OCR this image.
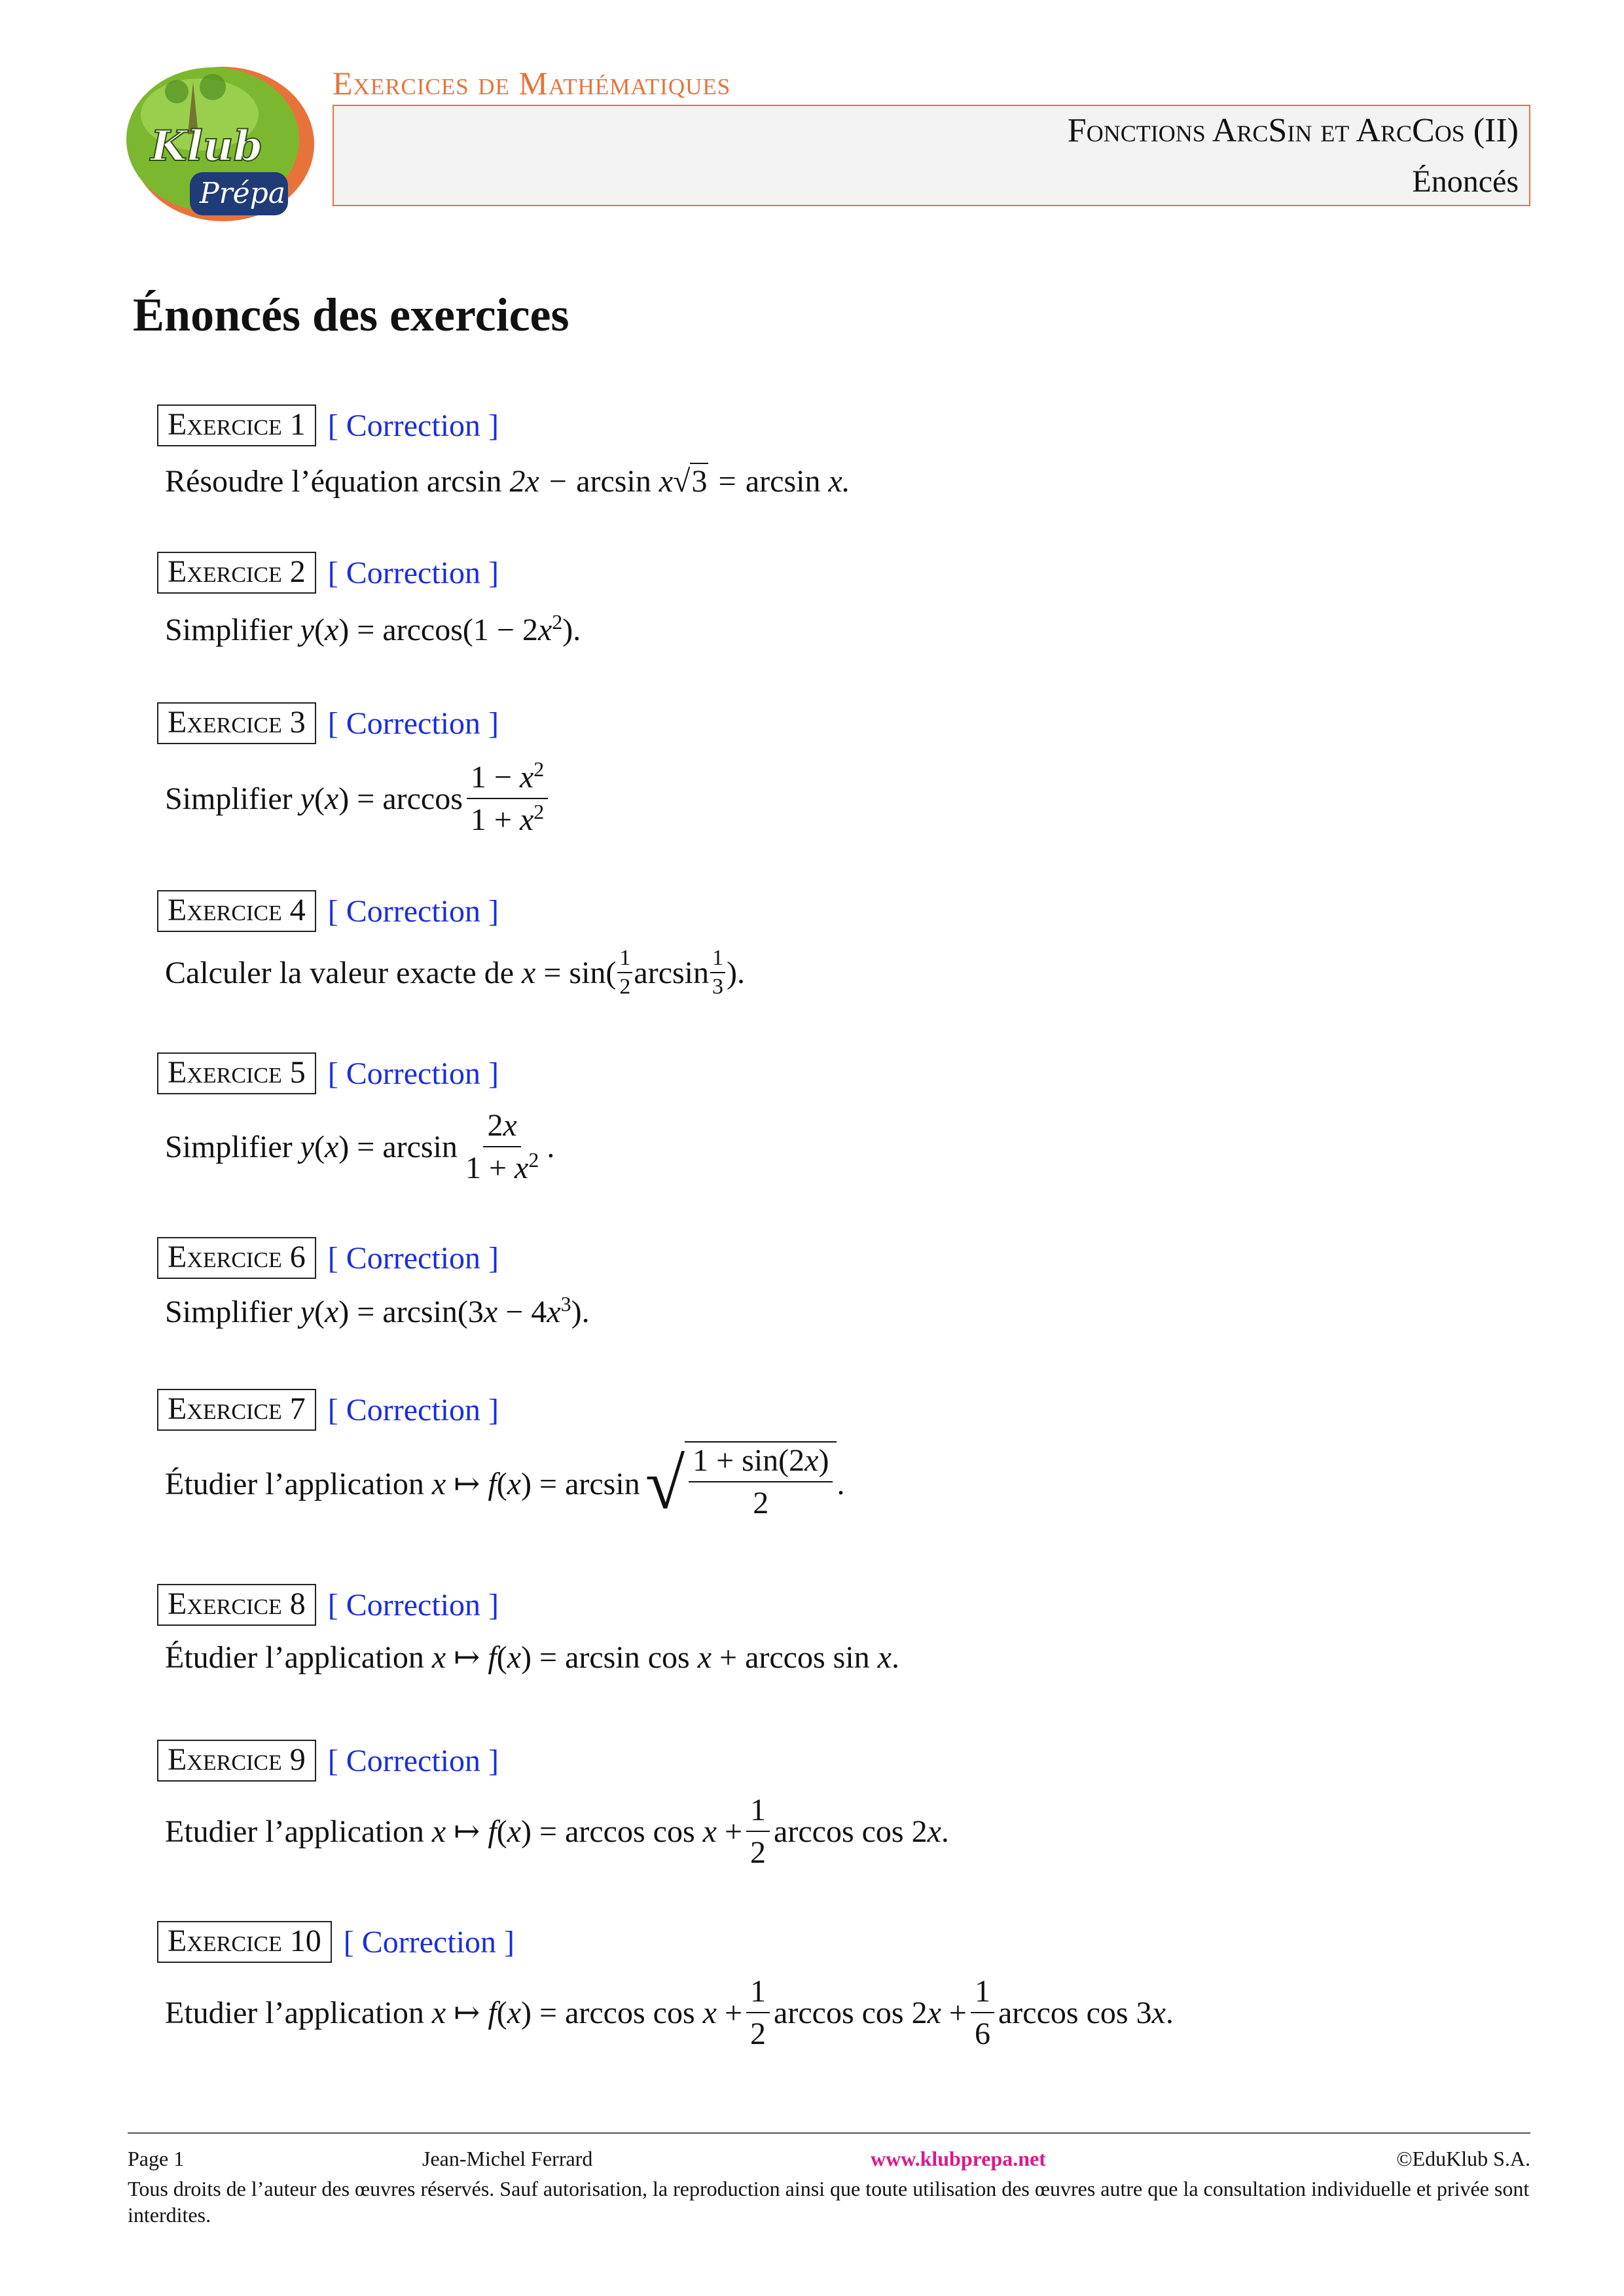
Klub
Prépa
Exercices de Mathématiques
Fonctions ArcSin et ArcCos (II)
Énoncés
Énoncés des exercices
Exercice 1 [ Correction ]
Résoudre l’équation arcsin 2x − arcsin x√3 = arcsin x.
Exercice 2 [ Correction ]
Simplifier $y(x) = \arccos(1 - 2x^2)$.
Exercice 3 [ Correction ]
Simplifier y ( x ) = $\arccos \frac{1 - x^2}{1 + x^2}$
Exercice 4 [ Correction ]
Calculer la valeur exacte de $x = \sin( \frac{1}{2}$ $\arcsin \frac{1}{3}$ ).
Exercice 5 [ Correction ]
Simplifier y ( x ) = $\arcsin \frac{2x}{1 + x^2}$ .
Exercice 6 [ Correction ]
Simplifier $y(x) = \arcsin(3x - 4x^3)$.
Exercice 7 [ Correction ]
Étudier l’application x ↦ f ( x ) = arcsin √ $\frac{1 + \sin(2x)}{2}$ .
Exercice 8 [ Correction ]
Étudier l’application x ↦ f(x) = arcsin cos x + arccos sin x.
Exercice 9 [ Correction ]
Etudier l’application x ↦ f ( x ) = $\arccos \cos x + \frac{1}{2}$ arccos cos 2 x .
Exercice 10 [ Correction ]
Etudier l’application x ↦ f ( x ) = $\arccos \cos x + \frac{1}{2}$ arccos cos 2 $x + \frac{1}{6}$ arccos cos 3 x .
Page 1	Jean-Michel Ferrard	www.klubprepa.net	©EduKlub S.A.
Tous droits de l’auteur des œuvres réservés. Sauf autorisation, la reproduction ainsi que toute utilisation des œuvres autre que la consultation individuelle et privée sont interdites.
